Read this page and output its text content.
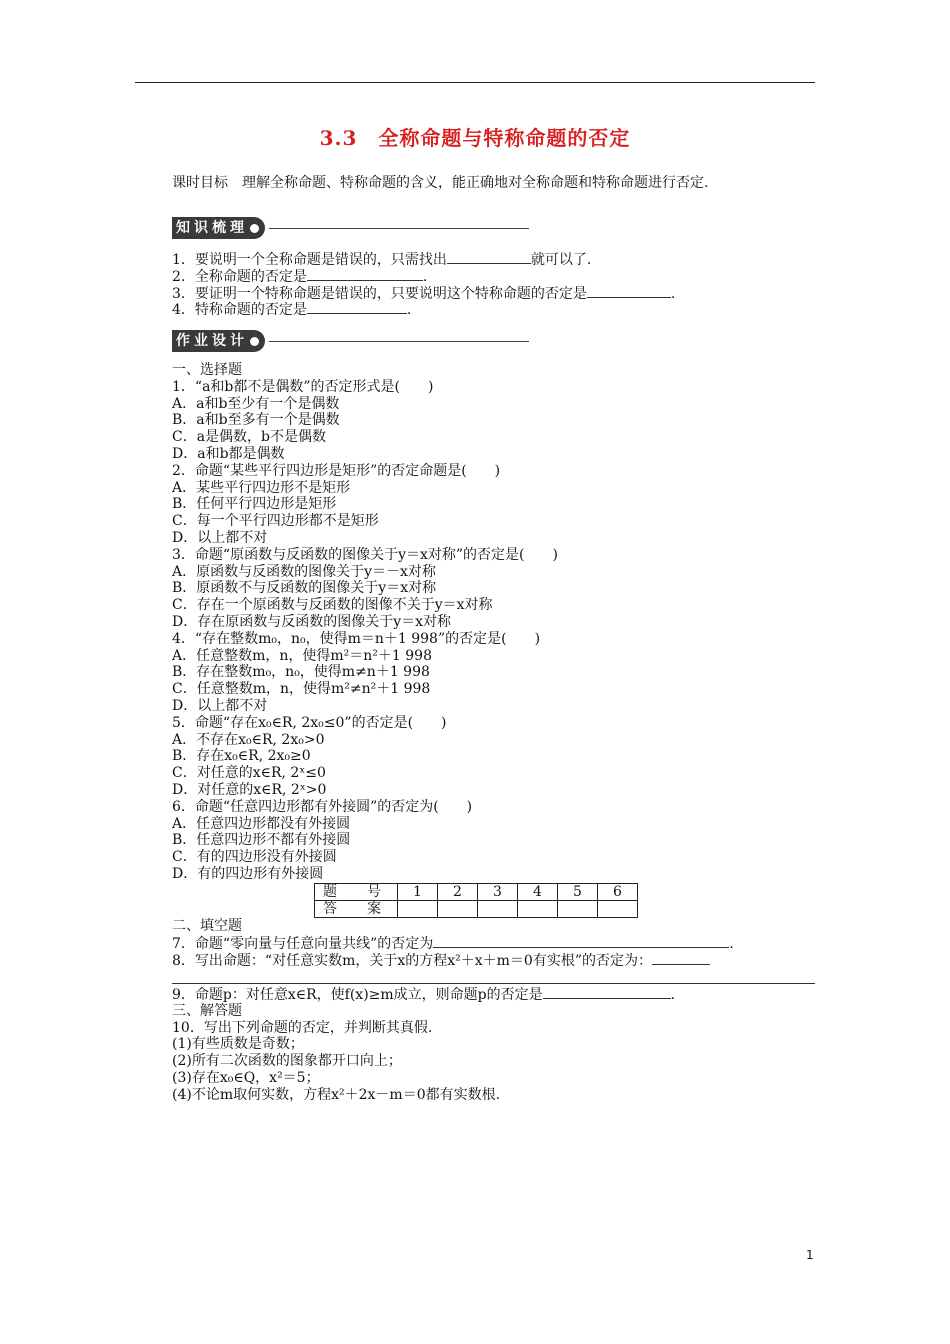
3.3　全称命题与特称命题的否定
课时目标 理解全称命题、特称命题的含义，能正确地对全称命题和特称命题进行否定.
知识梳理
1．要说明一个全称命题是错误的，只需找出	就可以了.
2．全称命题的否定是	.
3．要证明一个特称命题是错误的，只要说明这个特称命题的否定是	.
4．特称命题的否定是	.
作业设计
一、选择题
1．“a和b都不是偶数”的否定形式是(　　)
A．a和b至少有一个是偶数
B．a和b至多有一个是偶数
C．a是偶数，b不是偶数
D．a和b都是偶数
2．命题“某些平行四边形是矩形”的否定命题是(　　)
A．某些平行四边形不是矩形
B．任何平行四边形是矩形
C．每一个平行四边形都不是矩形
D．以上都不对
3．命题“原函数与反函数的图像关于y＝x对称”的否定是(　　)
A．原函数与反函数的图像关于y＝－x对称
B．原函数不与反函数的图像关于y＝x对称
C．存在一个原函数与反函数的图像不关于y＝x对称
D．存在原函数与反函数的图像关于y＝x对称
4．“存在整数m₀，n₀，使得m＝n＋1 998”的否定是(　　)
A．任意整数m，n，使得m²＝n²＋1 998
B．存在整数m₀，n₀，使得m≠n＋1 998
C．任意整数m，n，使得m²≠n²＋1 998
D．以上都不对
5．命题“存在x₀∈R, 2x₀≤0”的否定是(　　)
A．不存在x₀∈R, 2x₀>0
B．存在x₀∈R, 2x₀≥0
C．对任意的x∈R, 2ˣ≤0
D．对任意的x∈R, 2ˣ>0
6．命题“任意四边形都有外接圆”的否定为(　　)
A．任意四边形都没有外接圆
B．任意四边形不都有外接圆
C．有的四边形没有外接圆
D．有的四边形有外接圆
题　号	1	2	3	4	5	6
答　案						
二、填空题
7．命题“零向量与任意向量共线”的否定为	.
8．写出命题：“对任意实数m，关于x的方程x²＋x＋m＝0有实根”的否定为：
9．命题p：对任意x∈R，使f(x)≥m成立，则命题p的否定是	.
三、解答题
10．写出下列命题的否定，并判断其真假.
(1)有些质数是奇数；
(2)所有二次函数的图象都开口向上；
(3)存在x₀∈Q，x²＝5；
(4)不论m取何实数，方程x²＋2x－m＝0都有实数根.
1
